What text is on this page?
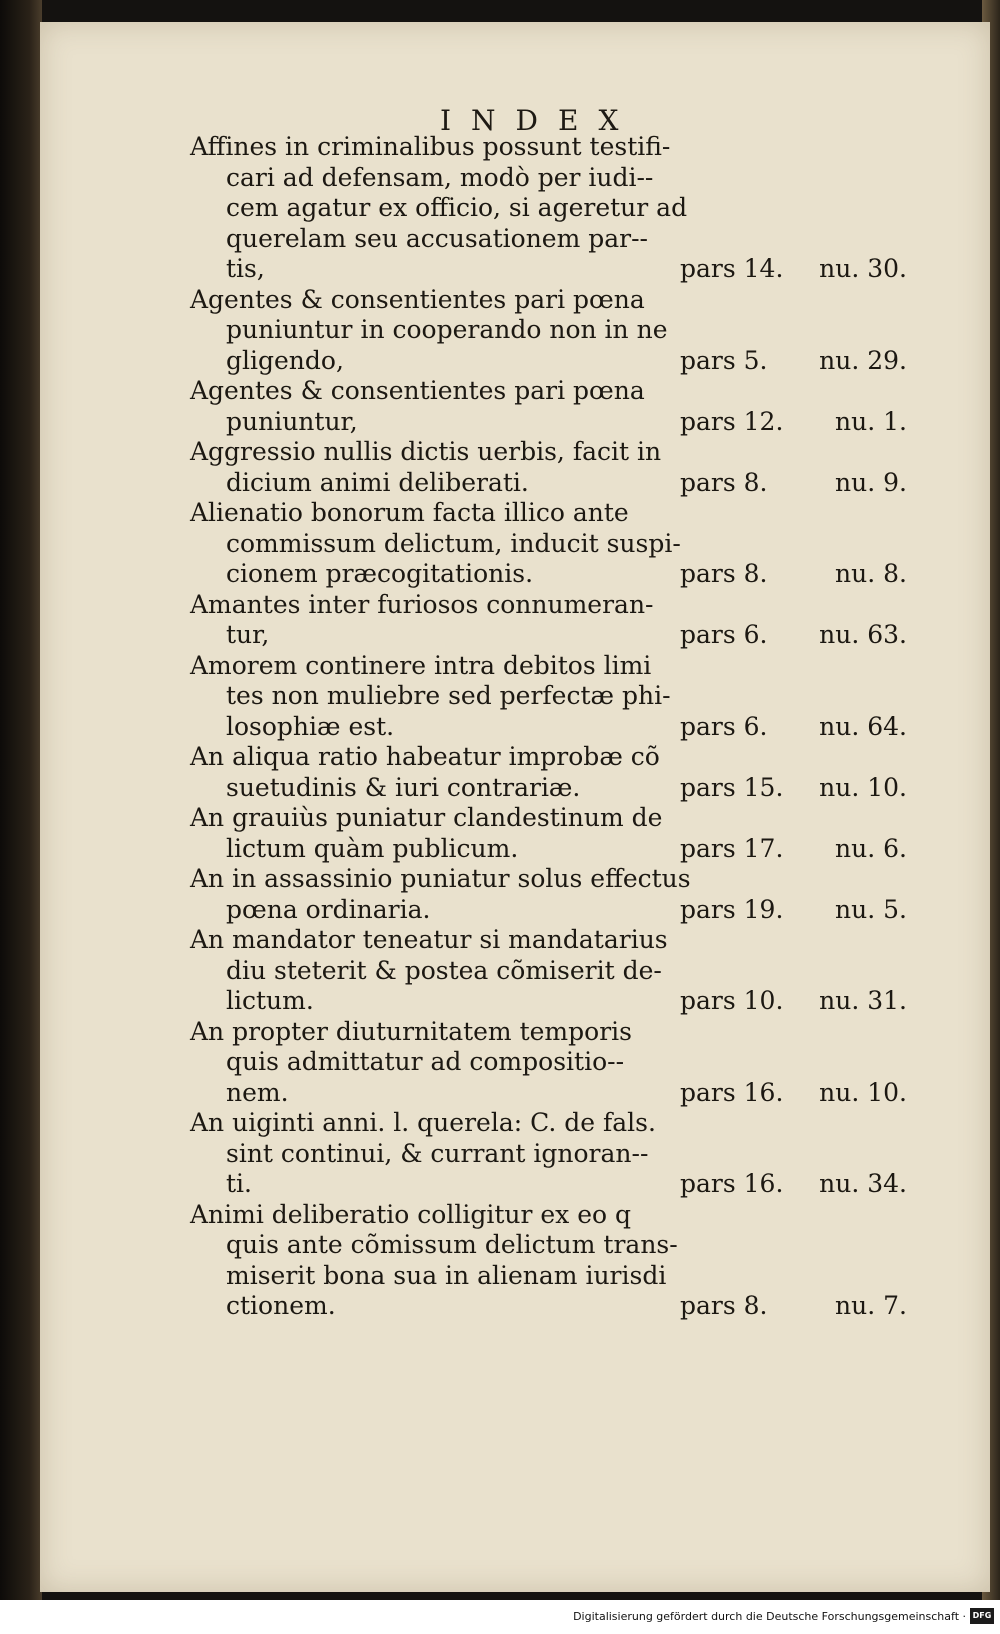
INDEX
Affines in criminalibus possunt testifi-
cari ad defensam, modò per iudi--
cem agatur ex officio, si ageretur ad
querelam seu accusationem par--
tis,	pars 14. nu. 30.
Agentes & consentientes pari pœna
puniuntur in cooperando non in ne
gligendo,	pars 5. nu. 29.
Agentes & consentientes pari pœna
puniuntur,	pars 12. nu. 1.
Aggressio nullis dictis uerbis, facit in
dicium animi deliberati.	pars 8.	nu. 9.
Alienatio bonorum facta illico ante
commissum delictum, inducit suspi-
cionem præcogitationis.	pars 8.	nu. 8.
Amantes inter furiosos connumeran-
tur,	pars 6. nu. 63.
Amorem continere intra debitos limi
tes non muliebre sed perfectæ phi-
losophiæ est.	pars 6. nu. 64.
An aliqua ratio habeatur improbæ cõ
suetudinis & iuri contrariæ.	pars 15. nu. 10.
An grauiùs puniatur clandestinum de
lictum quàm publicum.	pars 17. nu. 6.
An in assassinio puniatur solus effectus
pœna ordinaria.	pars 19. nu. 5.
An mandator teneatur si mandatarius
diu steterit & postea cõmiserit de-
lictum.	pars 10. nu. 31.
An propter diuturnitatem temporis
quis admittatur ad compositio--
nem.	pars 16. nu. 10.
An uiginti anni. l. querela: C. de fals.
sint continui, & currant ignoran--
ti.	pars 16. nu. 34.
Animi deliberatio colligitur ex eo q
quis ante cõmissum delictum trans-
miserit bona sua in alienam iurisdi
ctionem.	pars 8.	nu. 7.
Digitalisierung gefördert durch die Deutsche Forschungsgemeinschaft · DFG
